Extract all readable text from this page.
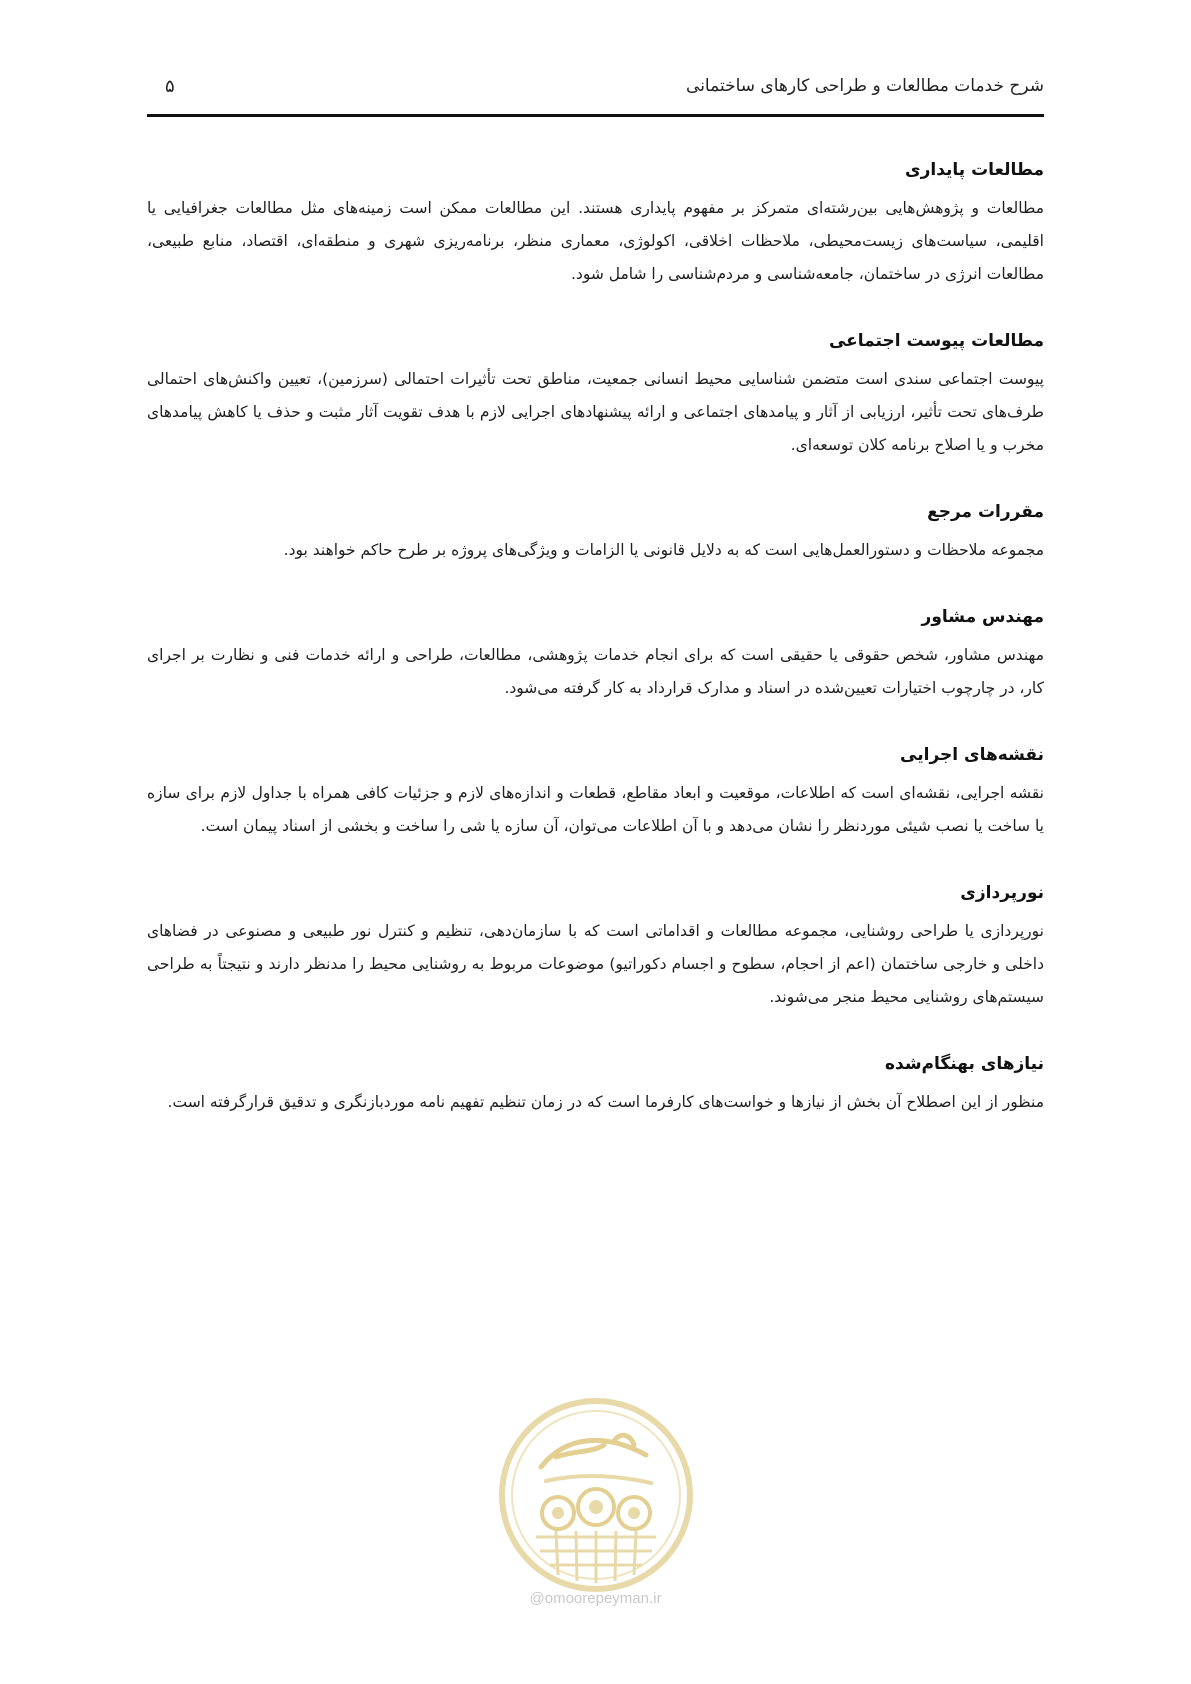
شرح خدمات مطالعات و طراحی کارهای ساختمانی
۵
مطالعات پایداری

مطالعات و پژوهش‌هایی بین‌رشته‌ای متمرکز بر مفهوم پایداری هستند. این مطالعات ممکن است زمینه‌های مثل مطالعات جغرافیایی یا اقلیمی، سیاست‌های زیست‌محیطی، ملاحظات اخلاقی، اکولوژی، معماری منظر، برنامه‌ریزی شهری و منطقه‌ای، اقتصاد، منابع طبیعی، مطالعات انرژی در ساختمان، جامعه‌شناسی و مردم‌شناسی را شامل شود.

مطالعات پیوست اجتماعی

پیوست اجتماعی سندی است متضمن شناسایی محیط انسانی جمعیت، مناطق تحت تأثیرات احتمالی (سرزمین)، تعیین واکنش‌های احتمالی طرف‌های تحت تأثیر، ارزیابی از آثار و پیامدهای اجتماعی و ارائه پیشنهادهای اجرایی لازم با هدف تقویت آثار مثبت و حذف یا کاهش پیامدهای مخرب و یا اصلاح برنامه کلان توسعه‌ای.

مقررات مرجع

مجموعه ملاحظات و دستورالعمل‌هایی است که به دلایل قانونی یا الزامات و ویژگی‌های پروژه بر طرح حاکم خواهند بود.

مهندس مشاور

مهندس مشاور، شخص حقوقی یا حقیقی است که برای انجام خدمات پژوهشی، مطالعات، طراحی و ارائه خدمات فنی و نظارت بر اجرای کار، در چارچوب اختیارات تعیین‌شده در اسناد و مدارک قرارداد به کار گرفته می‌شود.

نقشه‌های اجرایی

نقشه اجرایی، نقشه‌ای است که اطلاعات، موقعیت و ابعاد مقاطع، قطعات و اندازه‌های لازم و جزئیات کافی همراه با جداول لازم برای سازه یا ساخت یا نصب شیئی موردنظر را نشان می‌دهد و با آن اطلاعات می‌توان، آن سازه یا شی را ساخت و بخشی از اسناد پیمان است.

نورپردازی

نورپردازی یا طراحی روشنایی، مجموعه مطالعات و اقداماتی است که با سازمان‌دهی، تنظیم و کنترل نور طبیعی و مصنوعی در فضاهای داخلی و خارجی ساختمان (اعم از احجام، سطوح و اجسام دکوراتیو) موضوعات مربوط به روشنایی محیط را مدنظر دارند و نتیجتاً به طراحی سیستم‌های روشنایی محیط منجر می‌شوند.

نیازهای بهنگام‌شده

منظور از این اصطلاح آن بخش از نیازها و خواست‌های کارفرما است که در زمان تنظیم تفهیم نامه موردبازنگری و تدقیق قرارگرفته است.

@omoorepeyman.ir
